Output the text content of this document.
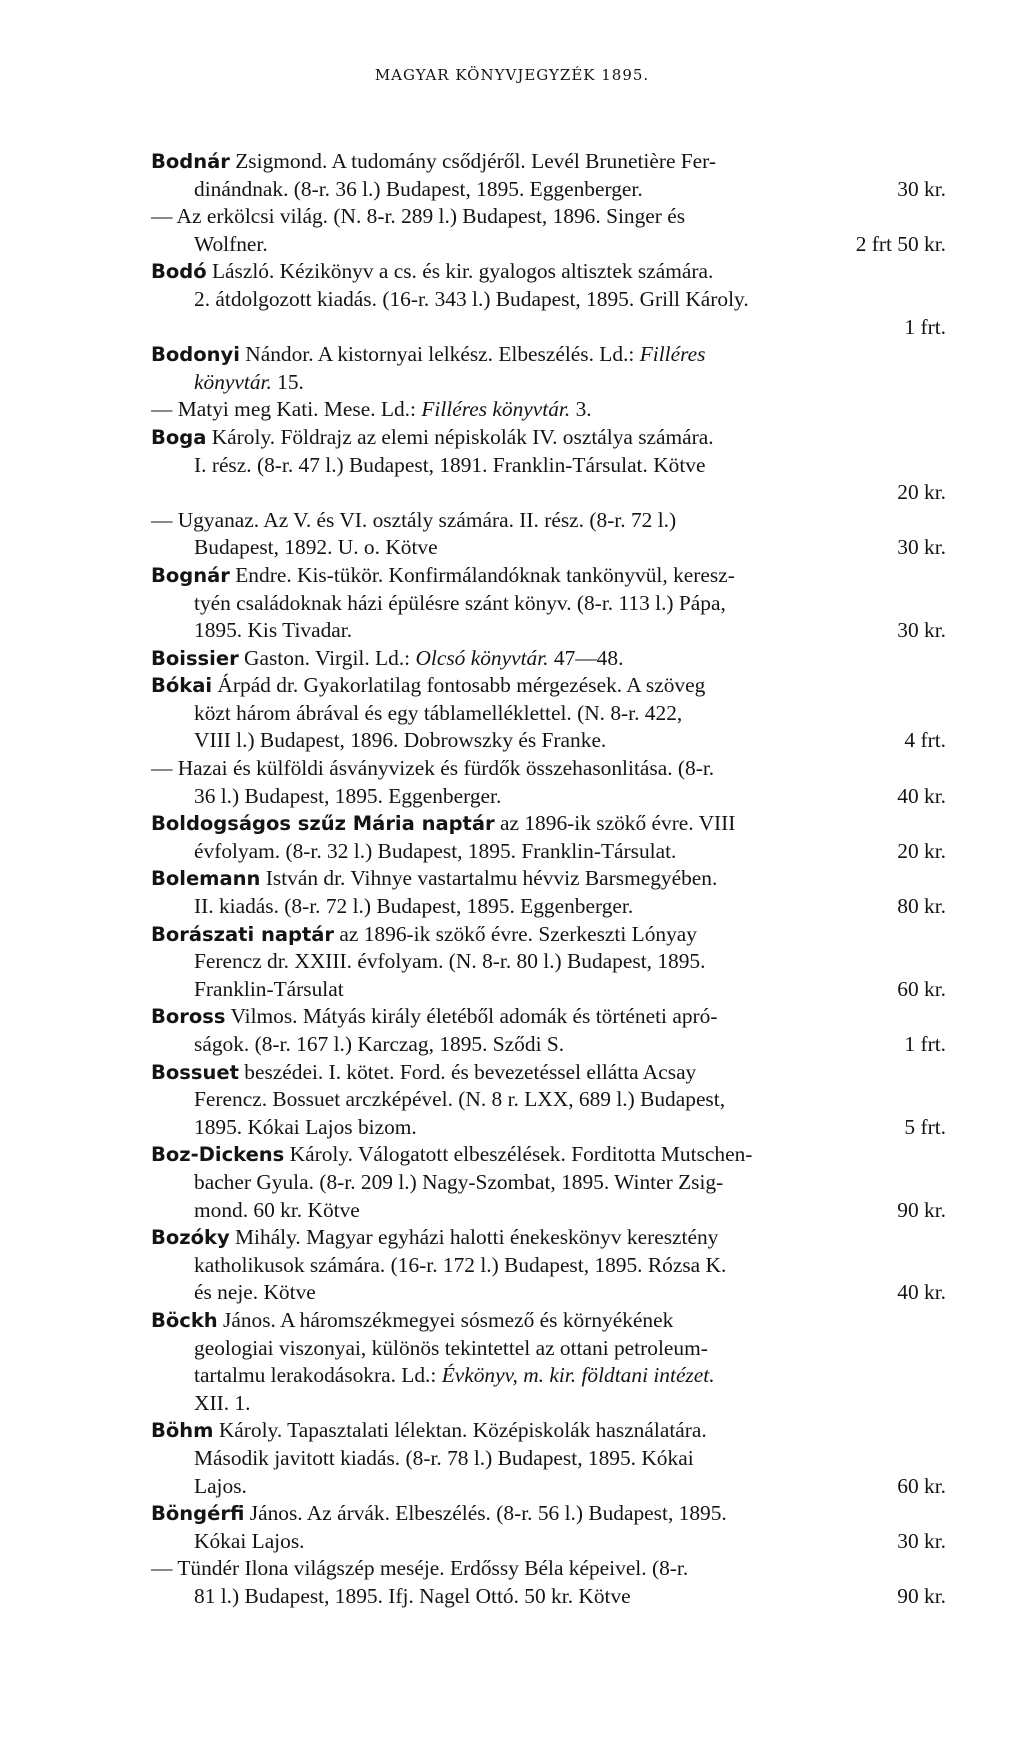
MAGYAR KÖNYVJEGYZÉK 1895.
Bodnár Zsigmond. A tudomány csődjéről. Levél Brunetière Fer-
dinándnak. (8-r. 36 l.) Budapest, 1895. Eggenberger.	30 kr.
— Az erkölcsi világ. (N. 8-r. 289 l.) Budapest, 1896. Singer és
Wolfner.	2 frt 50 kr.
Bodó László. Kézikönyv a cs. és kir. gyalogos altisztek számára.
2. átdolgozott kiadás. (16-r. 343 l.) Budapest, 1895. Grill Károly.
1 frt.
Bodonyi Nándor. A kistornyai lelkész. Elbeszélés. Ld.: Filléres
könyvtár. 15.
— Matyi meg Kati. Mese. Ld.: Filléres könyvtár. 3.
Boga Károly. Földrajz az elemi népiskolák IV. osztálya számára.
I. rész. (8-r. 47 l.) Budapest, 1891. Franklin-Társulat. Kötve
20 kr.
— Ugyanaz. Az V. és VI. osztály számára. II. rész. (8-r. 72 l.)
Budapest, 1892. U. o. Kötve	30 kr.
Bognár Endre. Kis-tükör. Konfirmálandóknak tankönyvül, keresz-
tyén családoknak házi épülésre szánt könyv. (8-r. 113 l.) Pápa,
1895. Kis Tivadar.	30 kr.
Boissier Gaston. Virgil. Ld.: Olcsó könyvtár. 47—48.
Bókai Árpád dr. Gyakorlatilag fontosabb mérgezések. A szöveg
közt három ábrával és egy táblamelléklettel. (N. 8-r. 422,
VIII l.) Budapest, 1896. Dobrowszky és Franke.	4 frt.
— Hazai és külföldi ásványvizek és fürdők összehasonlitása. (8-r.
36 l.) Budapest, 1895. Eggenberger.	40 kr.
Boldogságos szűz Mária naptár az 1896-ik szökő évre. VIII
évfolyam. (8-r. 32 l.) Budapest, 1895. Franklin-Társulat.	20 kr.
Bolemann István dr. Vihnye vastartalmu hévviz Barsmegyében.
II. kiadás. (8-r. 72 l.) Budapest, 1895. Eggenberger.	80 kr.
Borászati naptár az 1896-ik szökő évre. Szerkeszti Lónyay
Ferencz dr. XXIII. évfolyam. (N. 8-r. 80 l.) Budapest, 1895.
Franklin-Társulat	60 kr.
Boross Vilmos. Mátyás király életéből adomák és történeti apró-
ságok. (8-r. 167 l.) Karczag, 1895. Sződi S.	1 frt.
Bossuet beszédei. I. kötet. Ford. és bevezetéssel ellátta Acsay
Ferencz. Bossuet arczképével. (N. 8 r. LXX, 689 l.) Budapest,
1895. Kókai Lajos bizom.	5 frt.
Boz-Dickens Károly. Válogatott elbeszélések. Forditotta Mutschen-
bacher Gyula. (8-r. 209 l.) Nagy-Szombat, 1895. Winter Zsig-
mond. 60 kr. Kötve	90 kr.
Bozóky Mihály. Magyar egyházi halotti énekeskönyv keresztény
katholikusok számára. (16-r. 172 l.) Budapest, 1895. Rózsa K.
és neje. Kötve	40 kr.
Böckh János. A háromszékmegyei sósmező és környékének
geologiai viszonyai, különös tekintettel az ottani petroleum-
tartalmu lerakodásokra. Ld.: Évkönyv, m. kir. földtani intézet.
XII. 1.
Böhm Károly. Tapasztalati lélektan. Középiskolák használatára.
Második javitott kiadás. (8-r. 78 l.) Budapest, 1895. Kókai
Lajos.	60 kr.
Böngérfi János. Az árvák. Elbeszélés. (8-r. 56 l.) Budapest, 1895.
Kókai Lajos.	30 kr.
— Tündér Ilona világszép meséje. Erdőssy Béla képeivel. (8-r.
81 l.) Budapest, 1895. Ifj. Nagel Ottó. 50 kr. Kötve	90 kr.
